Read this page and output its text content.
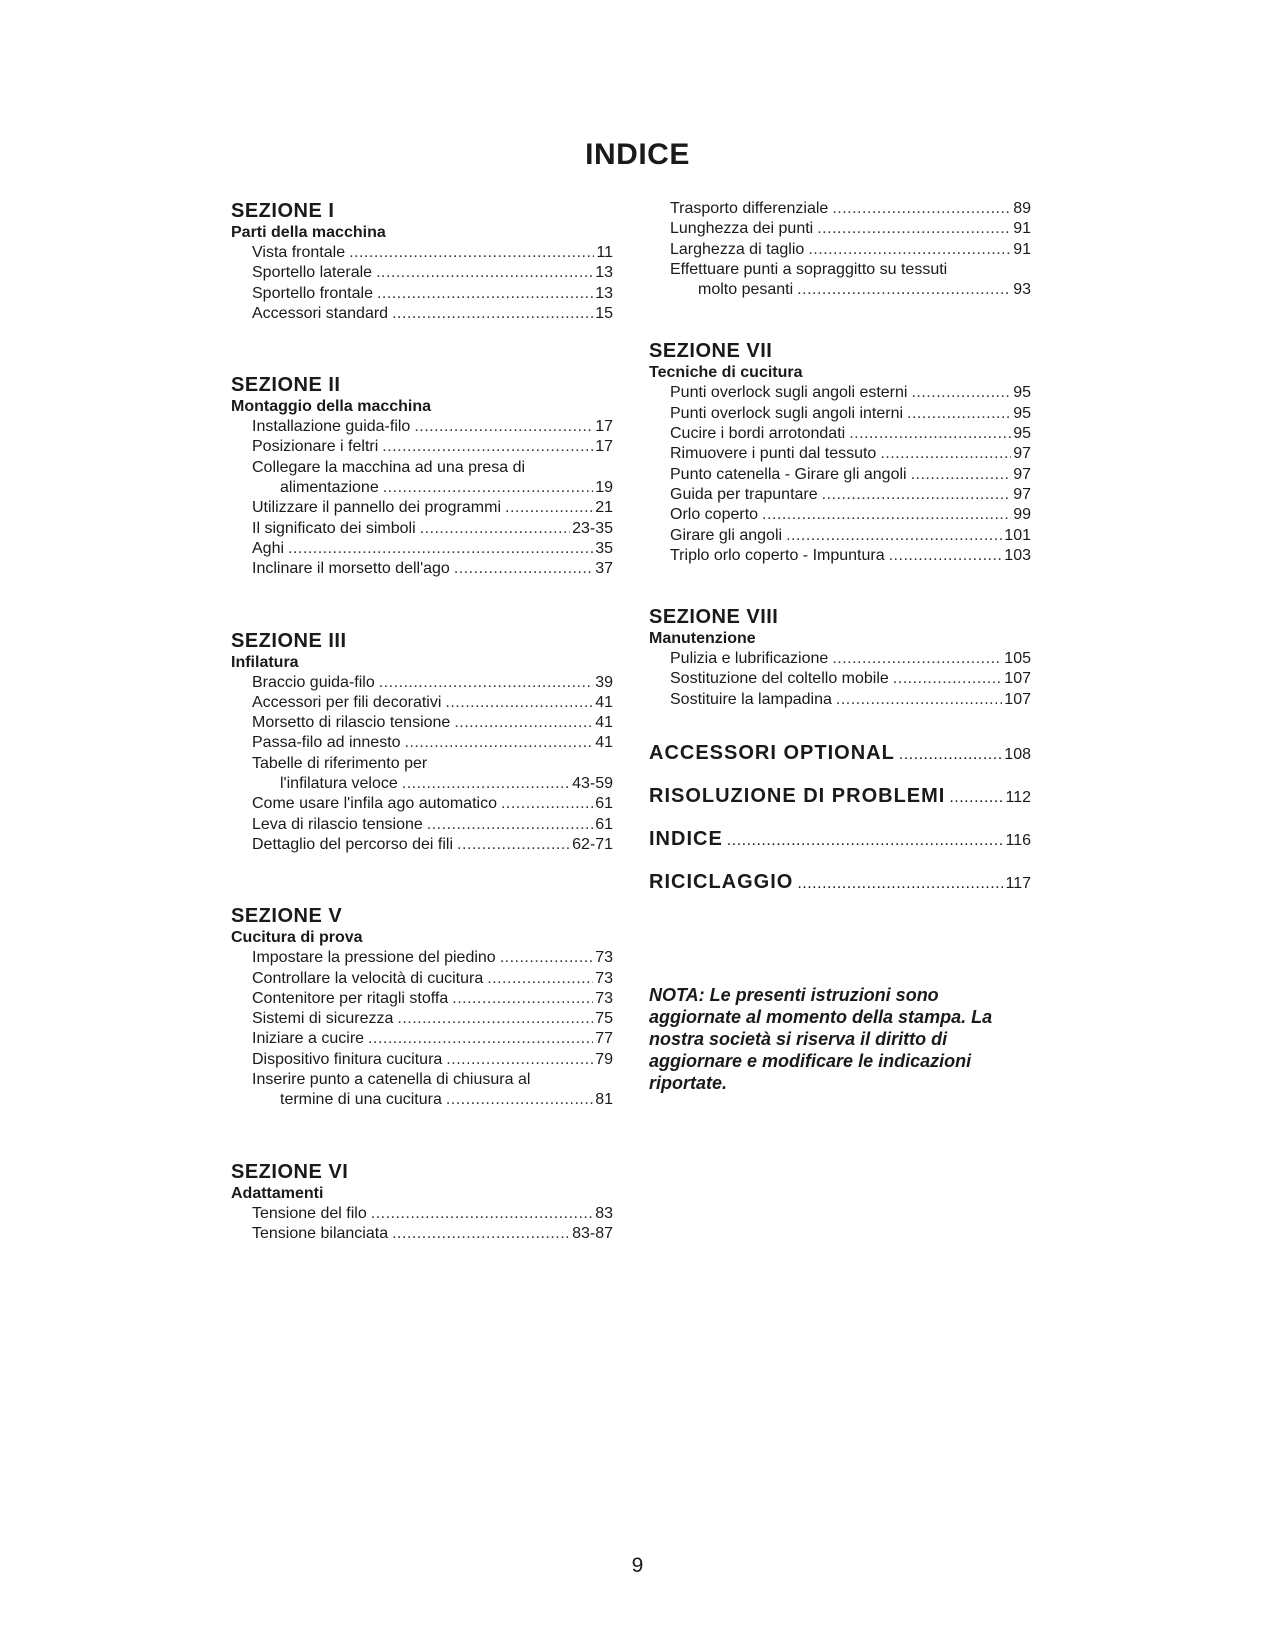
INDICE
SEZIONE I
Parti della macchina
Vista frontale .....	11
Sportello laterale .....	13
Sportello frontale .....	13
Accessori standard .....	15
SEZIONE II
Montaggio della macchina
Installazione guida-filo .....	17
Posizionare i feltri .....	17
Collegare la macchina ad una presa di
alimentazione .....	19
Utilizzare il pannello dei programmi .....	21
Il significato dei simboli .....	23-35
Aghi .....	35
Inclinare il morsetto dell'ago .....	37
SEZIONE III
Infilatura
Braccio guida-filo .....	39
Accessori per fili decorativi .....	41
Morsetto di rilascio tensione .....	41
Passa-filo ad innesto .....	41
Tabelle di riferimento per
l'infilatura veloce .....	43-59
Come usare l'infila ago automatico .....	61
Leva di rilascio tensione .....	61
Dettaglio del percorso dei fili .....	62-71
SEZIONE V
Cucitura di prova
Impostare la pressione del piedino .....	73
Controllare la velocità di cucitura .....	73
Contenitore per ritagli stoffa .....	73
Sistemi di sicurezza .....	75
Iniziare a cucire .....	77
Dispositivo finitura cucitura .....	79
Inserire punto a catenella di chiusura al
termine di una cucitura .....	81
SEZIONE VI
Adattamenti
Tensione del filo .....	83
Tensione bilanciata .....	83-87
Trasporto differenziale .....	89
Lunghezza dei punti .....	91
Larghezza di taglio .....	91
Effettuare punti a sopraggitto su tessuti
molto pesanti .....	93
SEZIONE VII
Tecniche di cucitura
Punti overlock sugli angoli esterni .....	95
Punti overlock sugli angoli interni .....	95
Cucire i bordi arrotondati .....	95
Rimuovere i punti dal tessuto .....	97
Punto catenella - Girare gli angoli .....	97
Guida per trapuntare .....	97
Orlo coperto .....	99
Girare gli angoli .....	101
Triplo orlo coperto - Impuntura .....	103
SEZIONE VIII
Manutenzione
Pulizia e lubrificazione .....	105
Sostituzione del coltello mobile .....	107
Sostituire la lampadina .....	107
ACCESSORI OPTIONAL .....	108
RISOLUZIONE DI PROBLEMI .....	112
INDICE .....	116
RICICLAGGIO .....	117
NOTA: Le presenti istruzioni sono
aggiornate al momento della stampa. La
nostra società si riserva il diritto di
aggiornare e modificare le indicazioni
riportate.
9
